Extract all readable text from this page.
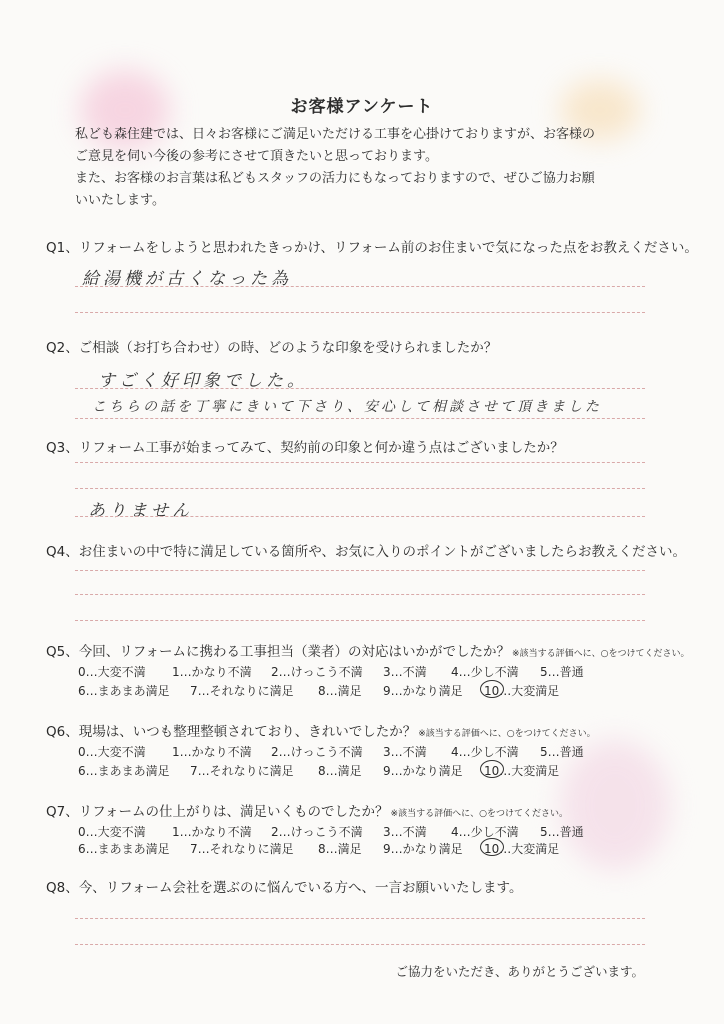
お客様アンケート
私ども森住建では、日々お客様にご満足いただける工事を心掛けておりますが、お客様の
ご意見を伺い今後の参考にさせて頂きたいと思っております。
また、お客様のお言葉は私どもスタッフの活力にもなっておりますので、ぜひご協力お願
いいたします。
Q1、リフォームをしようと思われたきっかけ、リフォーム前のお住まいで気になった点をお教えください。
給湯機が古くなった為
Q2、ご相談（お打ち合わせ）の時、どのような印象を受けられましたか？
すごく好印象でした。
こちらの話を丁寧にきいて下さり、安心して相談させて頂きました
Q3、リフォーム工事が始まってみて、契約前の印象と何か違う点はございましたか？
ありません
Q4、お住まいの中で特に満足している箇所や、お気に入りのポイントがございましたらお教えください。
Q5、今回、リフォームに携わる工事担当（業者）の対応はいかがでしたか？ ※該当する評価へに、○をつけてください。
0…大変不満 1…かなり不満 2…けっこう不満 3…不満 4…少し不満 5…普通
6…まあまあ満足 7…それなりに満足 8…満足 9…かなり満足 10…大変満足
Q6、現場は、いつも整理整頓されており、きれいでしたか？ ※該当する評価へに、○をつけてください。
0…大変不満 1…かなり不満 2…けっこう不満 3…不満 4…少し不満 5…普通
6…まあまあ満足 7…それなりに満足 8…満足 9…かなり満足 10…大変満足
Q7、リフォームの仕上がりは、満足いくものでしたか？ ※該当する評価へに、○をつけてください。
0…大変不満 1…かなり不満 2…けっこう不満 3…不満 4…少し不満 5…普通
6…まあまあ満足 7…それなりに満足 8…満足 9…かなり満足 10…大変満足
Q8、今、リフォーム会社を選ぶのに悩んでいる方へ、一言お願いいたします。
ご協力をいただき、ありがとうございます。
